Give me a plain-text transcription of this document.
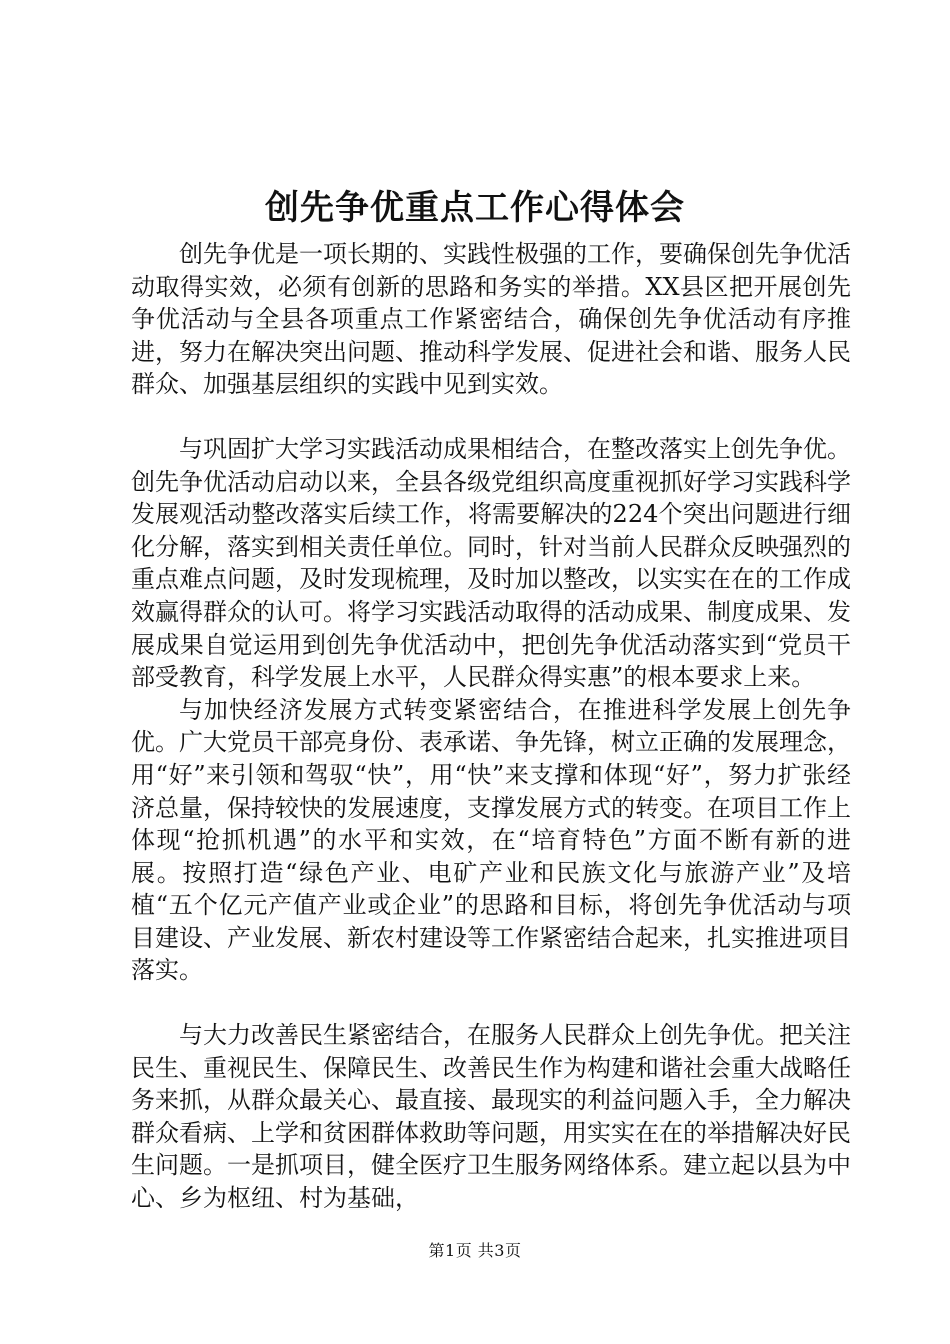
创先争优重点工作心得体会

创先争优是一项长期的、实践性极强的工作，要确保创先争优活动取得实效，必须有创新的思路和务实的举措。XX县区把开展创先争优活动与全县各项重点工作紧密结合，确保创先争优活动有序推进，努力在解决突出问题、推动科学发展、促进社会和谐、服务人民群众、加强基层组织的实践中见到实效。

与巩固扩大学习实践活动成果相结合，在整改落实上创先争优。创先争优活动启动以来，全县各级党组织高度重视抓好学习实践科学发展观活动整改落实后续工作，将需要解决的224个突出问题进行细化分解，落实到相关责任单位。同时，针对当前人民群众反映强烈的重点难点问题，及时发现梳理，及时加以整改，以实实在在的工作成效赢得群众的认可。将学习实践活动取得的活动成果、制度成果、发展成果自觉运用到创先争优活动中，把创先争优活动落实到“党员干部受教育，科学发展上水平，人民群众得实惠”的根本要求上来。

与加快经济发展方式转变紧密结合，在推进科学发展上创先争优。广大党员干部亮身份、表承诺、争先锋，树立正确的发展理念，用“好”来引领和驾驭“快”，用“快”来支撑和体现“好”，努力扩张经济总量，保持较快的发展速度，支撑发展方式的转变。在项目工作上体现“抢抓机遇”的水平和实效，在“培育特色”方面不断有新的进展。按照打造“绿色产业、电矿产业和民族文化与旅游产业”及培植“五个亿元产值产业或企业”的思路和目标，将创先争优活动与项目建设、产业发展、新农村建设等工作紧密结合起来，扎实推进项目落实。

与大力改善民生紧密结合，在服务人民群众上创先争优。把关注民生、重视民生、保障民生、改善民生作为构建和谐社会重大战略任务来抓，从群众最关心、最直接、最现实的利益问题入手，全力解决群众看病、上学和贫困群体救助等问题，用实实在在的举措解决好民生问题。一是抓项目，健全医疗卫生服务网络体系。建立起以县为中心、乡为枢纽、村为基础，

第1页 共3页
